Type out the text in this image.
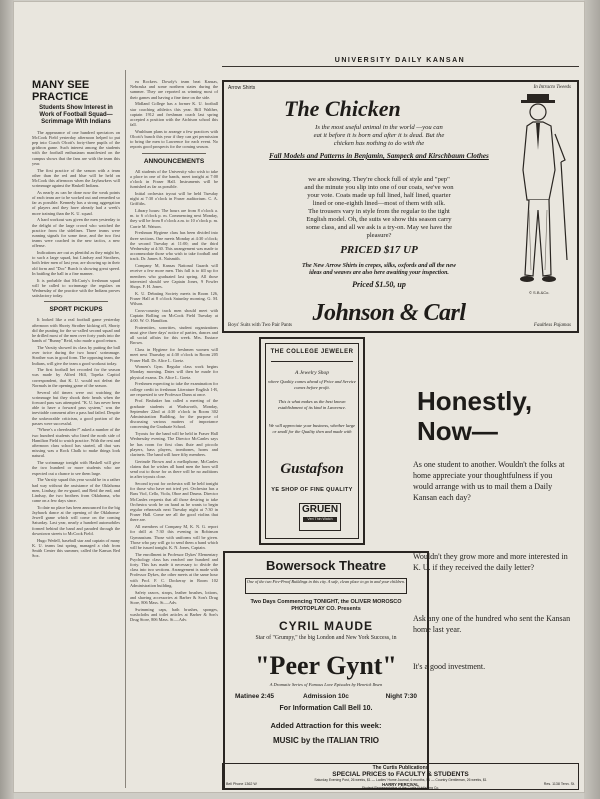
UNIVERSITY DAILY KANSAN
MANY SEE PRACTICE
Students Show Interest in Work of Football Squad—Scrimmage With Indians

The appearance of one hundred spectators on McCook Field yesterday afternoon helped to put pep into Coach Olcott's forty-three pupils of the gridiron game. Such interest among the students with the football enthusiasm manifested on the campus shows that the fans are with the team this year.

The first practice of the season with a team other than the red and blue will be held on McCook this afternoon when the Jayhawkers will scrimmage against the Haskell Indians.

As nearly as can be done now the weak points of each team are to be worked out and remedied so far as possible. Kennedy has a strong aggregation of players and they have already had a week's more training than the K. U. squad.

A hard workout was given the men yesterday to the delight of the large crowd who watched the practice from the sidelines. Three teams were running signals for some time, and the two first teams were coached in the new tactics, a new offense.

Indications are out as plentiful as they might be, to such a large squad, but Lindsey and Strothers, both letter men of last year, are showing up in their old form and "Doc" Burch is showing great speed. In battling the ball in a fine manner.

It is probable that McCarty's freshman squad will be called to scrimmage the regulars on Wednesday of the practice with the Indians proves satisfactory today.

SPORT PICKUPS

It looked like a real football game yesterday afternoon with Shorty Strother kicking off, Shorty did the punting for the so-called second squad and he drilled most of the men over forty yards into the hands of "Bunny" Reid, who made a good return.

The Varsity showed its class by putting the ball over twice during the two hours' scrimmage. Strother was in good form. The opposing team, the Indians, will give the team a good workout today.

The first football bet recorded for the season was made by Alfred Hill, Topeka Capitol correspondent, that K. U. would not defeat the Normals in the opening game of the season.

Several old timers were out watching the scrimmage but they shook their heads when the forward pass was attempted. "K. U. has never been able to have a forward pass system," was the inevitable comment after a pass had failed. Despite the unfavorable criticism, a good portion of the passes were successful.

"Where's a cheerleader?" asked a number of the two hundred students who lined the north side of Hamilton Field to watch practice. With the rest and afternoon class school has started, all that was missing was a Rock Chalk to make things look natural.

The scrimmage tonight with Haskell will give the two hundred or more students who are expected out a chance to see them large.

The Varsity squad this year would be in a rather bad way without the assistance of the Oklahoma men, Lindsay, the ex-guard, and Reid the end, and Lindsay, the two brothers from Oklahoma, who came on a few days since.

To date no place has been announced for the big Jayhawk dance at the opening of the Oklahoma-Jewell game which will come on the coming Saturday. Last year, nearly a hundred automobiles formed behind the band and paraded through the downtown streets to McCook Field.

Hugo Wedell, baseball star and captain of many K. U. teams last spring, managed a club from Smith Center this summer, called the Kansas Red Sox.

ea Rockers. Dowdy's team beat Kansas, Nebraska and some northern states during the summer. They are reported as winning most of their games and having a fine time on the side.

Midland College has a former K. U. football star coaching athletics this year. Bill Walther, captain 1912 and freshman coach last spring accepted a position with the Atchison school this fall.

Washburn plans to arrange a few practices with Olcott's bunch this year if they can get permission to bring the men to Lawrence for each event. No reports good prospects for the coming season.

ANNOUNCEMENTS

All students of the University who wish to take a place in one of the bands, meet tonight at 7:00 o'clock in Fraser Hall. Instruments will be furnished as far as possible.

Initial orchestra tryout will be held Tuesday night at 7:30 o'clock in Fraser auditorium. C. A. Griffiths.

Library hours: The hours are from 8 o'clock a. m. to 6 o'clock p. m. Commencing next Monday, they will be from 8 o'clock a.m. to 10 o'clock p. m. Carrie M. Watson.

Freshman Hygiene class has been divided into three sections. One meets Monday at 4:30 o'clock; the second Tuesday at 11:00; and the third Wednesday at 4:30. This arrangement was made to accommodate those who wish to take football and track. Dr. James A. Naismith.

Company M, Kansas National Guards will receive a few more men. This fall is to fill up for members who graduated last spring. All those interested should see Captain Jones, 9 Fowler Shops. F. H. Jones.

K. U. Debating Society meets in Room 126, Fraser Hall at 8 o'clock Saturday morning. G. M. Wilson.

Cross-country track men should meet with Captain Bolling on McCook Field Tuesday at 4:00. W. O. Hamilton.

Fraternities, sororities, student organizations must give three days' notice of parties, dances and all social affairs for this week. Mrs. Eustace Brown.

Class in Hygiene for freshmen women will meet next Thursday at 4:30 o'clock in Room 205 Fraser Hall. Dr. Alice L. Goetz.

Women's Gym. Regular class work begins Monday morning. Dates will then be made for physical exams. Dr. Alice L. Goetz.

Freshmen expecting to take the examination for college credit in freshman Literature English 1-B, are requested to see Professor Dunn at once.

Prof. Brubaker has called a meeting of the graduate students at Wadsworth, Monday, September 22nd at 4:30 o'clock in Room 302 Administration Building, for the purpose of discussing various matters of importance concerning the Graduate School.

Tryouts for the band will be held in Fraser Hall Wednesday evening. The Director McCanles says he has room for first class flute and piccolo players, bass players, trombones, horns and clarinets. The band will have fifty members.

Gertrude Brown and a mellophone, McCanles claims that he wishes all band men the horn will send out to those for as there will be no auditions in after tryouts close.

Second tryout for orchestra will be held tonight for those who have not tried yet. Orchestra has a Bass Viol, Cello, Viola, Oboe and Drums. Director McCanles requests that all those desiring to take Orchestra work be on hand as he wants to begin regular rehearsals next Tuesday night at 7:30 in Fraser Hall. Come see all the good violins that there are.

All members of Company M, K. N. G. report for drill at 7:30 this evening in Robinson Gymnasium. Those with uniforms will be given. Those who pay will go to send them a band which will be issued tonight. K. N. Jones, Captain.

The enrollment in Professor Dykes' Elementary Psychology class has reached one hundred and forty. This has made it necessary to divide the class into two sections. Arrangement is made with Professor Dykes, the other meets at the same hour with Prof. F. C. Dockeray in Room 102 Administration building.

Safety razors, strops, leather brushes, lotions, and shaving accessories at Barber & Son's Drug Store, 806 Mass. St.—Adv.

Swimming caps, bath brushes, sponges, washcloths and toilet articles at Barber & Son's Drug Store, 806 Mass. St.—Adv.

Arrow Shirts	In Intracto Tweeds
The Chicken
Is the most useful animal in the world —you can
eat it before it is born and after it is dead. But the
chicken has nothing to do with the
Fall Models and Patterns in Benjamin, Sampeck and Kirschbaum Clothes
we are showing. They're chock full of style and "pep"
and the minute you slip into one of our coats, we've won
your vote. Coats made up full lined, half lined, quarter
lined or one-eighth lined—most of them with silk.
The trousers vary in style from the regular to the tight
English model. Oh, the suits we show this season carry
some class, and all we ask is a try-on. May we have the
pleasure?
PRICED $17 UP
The New Arrow Shirts in crepes, silks, oxfords and all the new
ideas and weaves are also here awaiting your inspection.
Priced $1.50, up
Johnson & Carl
Boys' Suits with Two Pair Pants	Faultless Pajamas
© S.B.&Co.
THE COLLEGE JEWELER
A Jewelry Shop
where Quality comes ahead of Price and Service comes before profit.
This is what makes us the best known establishment of its kind in Lawrence.
We will appreciate your business, whether large or small for the Quality then and made with
Gustafson
YE SHOP OF FINE QUALITY
GRUEN
Veri Thin Watch
Honestly,
Now—
As one student to another. Wouldn't the folks at home appreciate your thoughtfulness if you would arrange with us to mail them a Daily Kansan each day?
Wouldn't they grow more and more interested in K. U. if they received the daily letter?
Ask any one of the hundred who sent the Kansan home last year.
It's a good investment.
Bowersock Theatre
One of the two Fire-Proof Buildings in this city. A safe, clean place to go in and your children.
Two Days Commencing TONIGHT, the OLIVER MOROSCO PHOTOPLAY CO. Presents
CYRIL MAUDE
Star of "Grumpy," the big London and New York Success, in
"Peer Gynt"
A Dramatic Series of Famous Love Episodes by Henrick Ibsen
Matinee 2:45	Admission 10c	Night 7:30
For Information Call Bell 10.
Added Attraction for this week:
MUSIC by the ITALIAN TRIO
The Curtis Publications
SPECIAL PRICES to FACULTY & STUDENTS
Saturday Evening Post, 26 weeks, $1 — Ladies' Home Journal, 6 months, $1 — Country Gentleman, 26 weeks, $1
Bell Phone 1362 W	HARRY PERCIVAL	Res. 1138 Tenn. St.
Student Representative of the Curtis Publishing Co.
